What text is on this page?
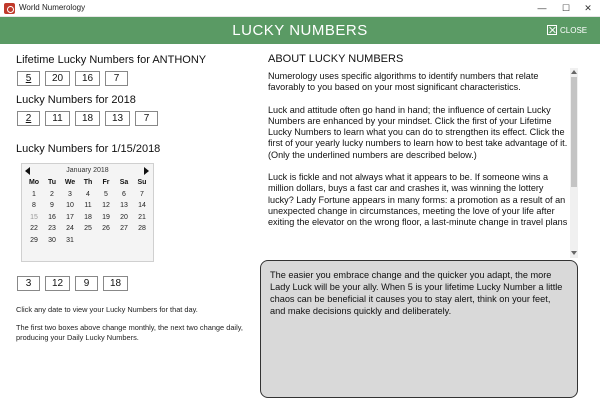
World Numerology	—	☐	✕
LUCKY NUMBERS	CLOSE
Lifetime Lucky Numbers for ANTHONY
5	20	16	7
Lucky Numbers for 2018
2	11	18	13	7
Lucky Numbers for 1/15/2018
January 2018
Mo	Tu	We	Th	Fr	Sa	Su
1	2	3	4	5	6	7
8	9	10	11	12	13	14
15	16	17	18	19	20	21
22	23	24	25	26	27	28
29	30	31
3	12	9	18
Click any date to view your Lucky Numbers for that day.
The first two boxes above change monthly, the next two change daily, producing your Daily Lucky Numbers.
ABOUT LUCKY NUMBERS

Numerology uses specific algorithms to identify numbers that relate favorably to you based on your most significant characteristics.

Luck and attitude often go hand in hand; the influence of certain Lucky Numbers are enhanced by your mindset. Click the first of your Lifetime Lucky Numbers to learn what you can do to strengthen its effect. Click the first of your yearly lucky numbers to learn how to best take advantage of it. (Only the underlined numbers are described below.)

Luck is fickle and not always what it appears to be. If someone wins a million dollars, buys a fast car and crashes it, was winning the lottery lucky? Lady Fortune appears in many forms: a promotion as a result of an unexpected change in circumstances, meeting the love of your life after exiting the elevator on the wrong floor, a last-minute change in travel plans

The easier you embrace change and the quicker you adapt, the more Lady Luck will be your ally. When 5 is your lifetime Lucky Number a little chaos can be beneficial it causes you to stay alert, think on your feet, and make decisions quickly and deliberately.
